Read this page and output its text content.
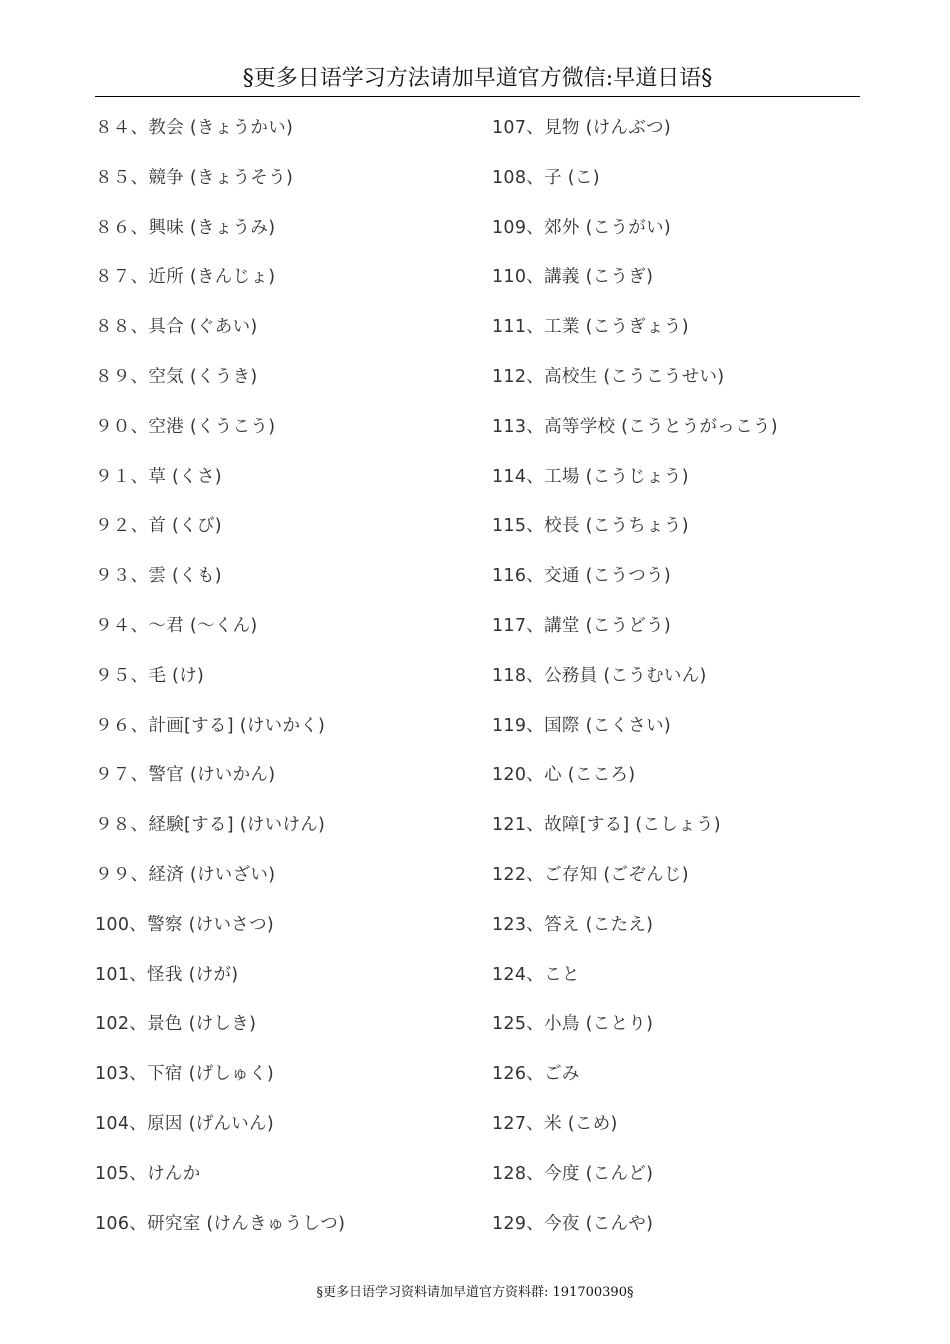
§更多日语学习方法请加早道官方微信:早道日语§
８４、教会 (きょうかい)
８５、競争 (きょうそう)
８６、興味 (きょうみ)
８７、近所 (きんじょ)
８８、具合 (ぐあい)
８９、空気 (くうき)
９０、空港 (くうこう)
９１、草 (くさ)
９２、首 (くび)
９３、雲 (くも)
９４、～君 (～くん)
９５、毛 (け)
９６、計画[する] (けいかく)
９７、警官 (けいかん)
９８、経験[する] (けいけん)
９９、経済 (けいざい)
100、警察 (けいさつ)
101、怪我 (けが)
102、景色 (けしき)
103、下宿 (げしゅく)
104、原因 (げんいん)
105、けんか
106、研究室 (けんきゅうしつ)
107、見物 (けんぶつ)
108、子 (こ)
109、郊外 (こうがい)
110、講義 (こうぎ)
111、工業 (こうぎょう)
112、高校生 (こうこうせい)
113、高等学校 (こうとうがっこう)
114、工場 (こうじょう)
115、校長 (こうちょう)
116、交通 (こうつう)
117、講堂 (こうどう)
118、公務員 (こうむいん)
119、国際 (こくさい)
120、心 (こころ)
121、故障[する] (こしょう)
122、ご存知 (ごぞんじ)
123、答え (こたえ)
124、こと
125、小鳥 (ことり)
126、ごみ
127、米 (こめ)
128、今度 (こんど)
129、今夜 (こんや)
§更多日语学习资料请加早道官方资料群: 191700390§
